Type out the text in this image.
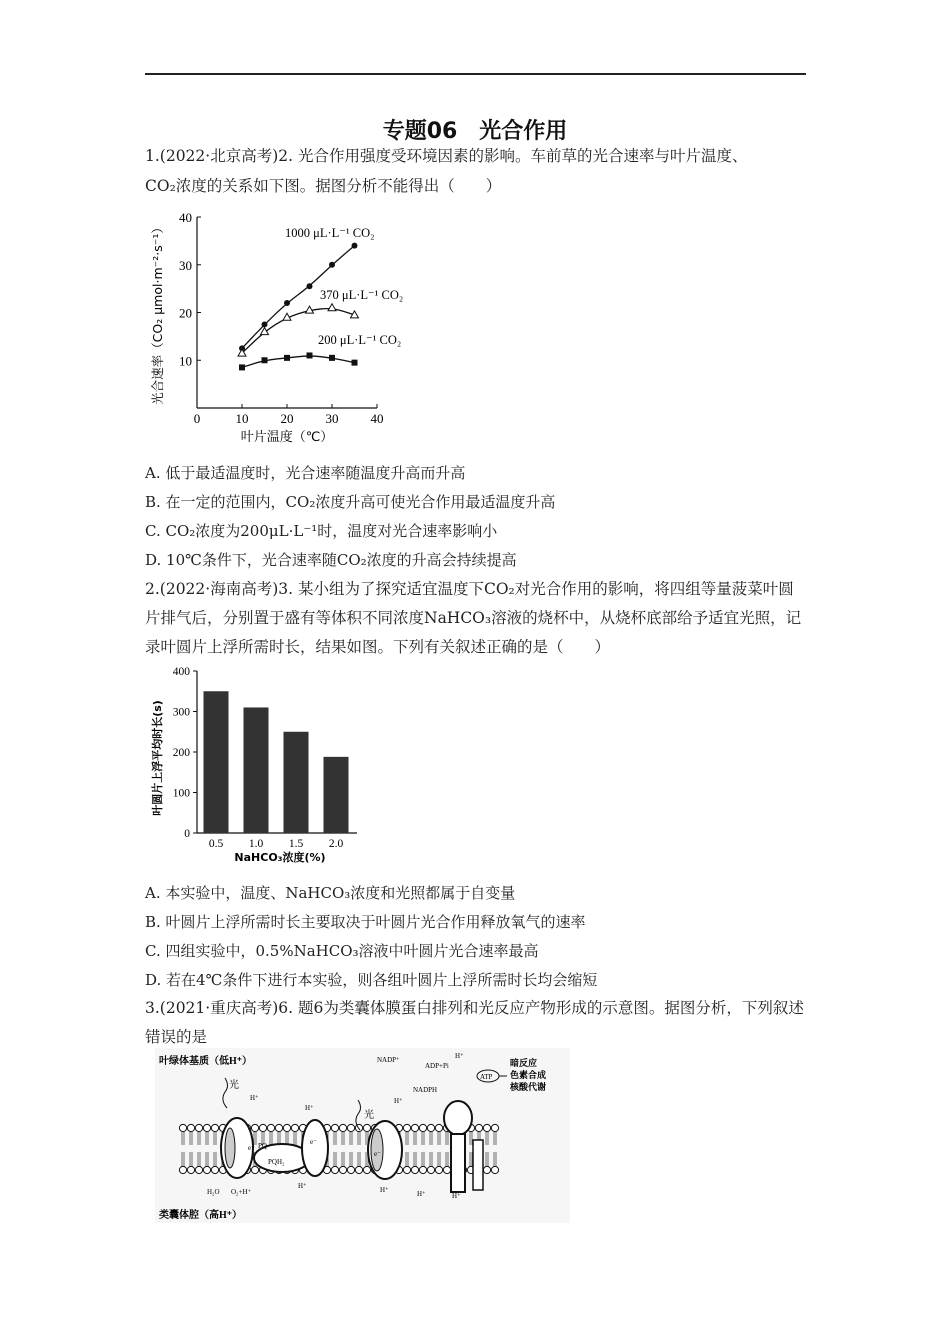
专题06　光合作用
1.(2022·北京高考)2. 光合作用强度受环境因素的影响。车前草的光合速率与叶片温度、
CO₂浓度的关系如下图。据图分析不能得出（　　）
0	10 20 30 40
10
20
30
40
1000 μL·L⁻¹ CO₂
370 μL·L⁻¹ CO₂
200 μL·L⁻¹ CO₂
叶片温度（℃）
光合速率（CO₂ μmol·m⁻²·s⁻¹）
A. 低于最适温度时，光合速率随温度升高而升高
B. 在一定的范围内，CO₂浓度升高可使光合作用最适温度升高
C. CO₂浓度为200μL·L⁻¹时，温度对光合速率影响小
D. 10℃条件下，光合速率随CO₂浓度的升高会持续提高
2.(2022·海南高考)3. 某小组为了探究适宜温度下CO₂对光合作用的影响，将四组等量菠菜叶圆片排气后，分别置于盛有等体积不同浓度NaHCO₃溶液的烧杯中，从烧杯底部给予适宜光照，记录叶圆片上浮所需时长，结果如图。下列有关叙述正确的是（　　）
0
100
200
300
400
0.5 1.0 1.5 2.0
NaHCO₃浓度(%)
叶圆片上浮平均时长(s)
A. 本实验中，温度、NaHCO₃浓度和光照都属于自变量
B. 叶圆片上浮所需时长主要取决于叶圆片光合作用释放氧气的速率
C. 四组实验中，0.5%NaHCO₃溶液中叶圆片光合速率最高
D. 若在4℃条件下进行本实验，则各组叶圆片上浮所需时长均会缩短
3.(2021·重庆高考)6. 题6为类囊体膜蛋白排列和光反应产物形成的示意图。据图分析，下列叙述错误的是
叶绿体基质（低H⁺）
类囊体腔（高H⁺）
光
光
H⁺
H⁺
NADP⁺
NADPH
H⁺
ADP+Pi
H⁺
ATP
暗反应
色素合成
核酸代谢
PQ
PQH₂
e⁻
e⁻
e⁻
H₂O O₂+H⁺
H⁺	H⁺	H⁺	H⁺
